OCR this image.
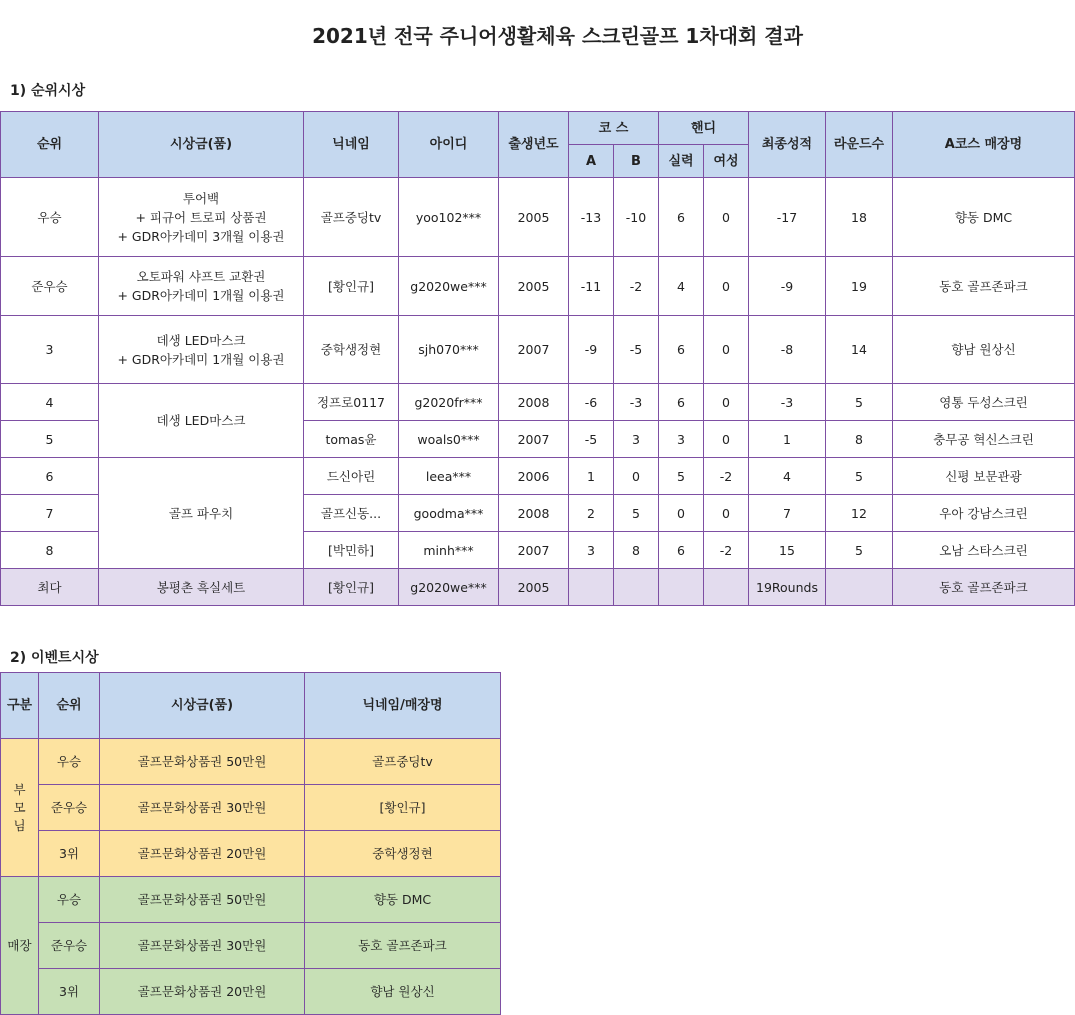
2021년 전국 주니어생활체육 스크린골프 1차대회 결과
1) 순위시상
순위	시상금(품)	닉네임	아이디	출생년도	코 스		핸디		최종성적	라운드수	A코스 매장명
					A	B	실력	여성			
우승	투어백
+ 피규어 트로피 상품권
+ GDR아카데미 3개월 이용권	골프중딩tv	yoo102***	2005	-13	-10	6	0	-17	18	향동 DMC
준우승	오토파워 샤프트 교환권
+ GDR아카데미 1개월 이용권	[황인규]	g2020we***	2005	-11	-2	4	0	-9	19	동호 골프존파크
3	데생 LED마스크
+ GDR아카데미 1개월 이용권	중학생정현	sjh070***	2007	-9	-5	6	0	-8	14	향남 원상신
4	데생 LED마스크	정프로0117	g2020fr***	2008	-6	-3	6	0	-3	5	영통 두성스크린
5		tomas윤	woals0***	2007	-5	3	3	0	1	8	충무공 혁신스크린
6	골프 파우치	드신아린	leea***	2006	1	0	5	-2	4	5	신평 보문관광
7		골프신동...	goodma***	2008	2	5	0	0	7	12	우아 강남스크린
8		[박민하]	minh***	2007	3	8	6	-2	15	5	오남 스타스크린
최다	봉평촌 흑실세트	[황인규]	g2020we***	2005					19Rounds		동호 골프존파크
2) 이벤트시상
구분	순위	시상금(품)	닉네임/매장명

부
모
님	우승	골프문화상품권 50만원	골프중딩tv
	준우승	골프문화상품권 30만원	[황인규]
	3위	골프문화상품권 20만원	중학생정현
매장	우승	골프문화상품권 50만원	향동 DMC
	준우승	골프문화상품권 30만원	동호 골프존파크
	3위	골프문화상품권 20만원	향남 원상신
